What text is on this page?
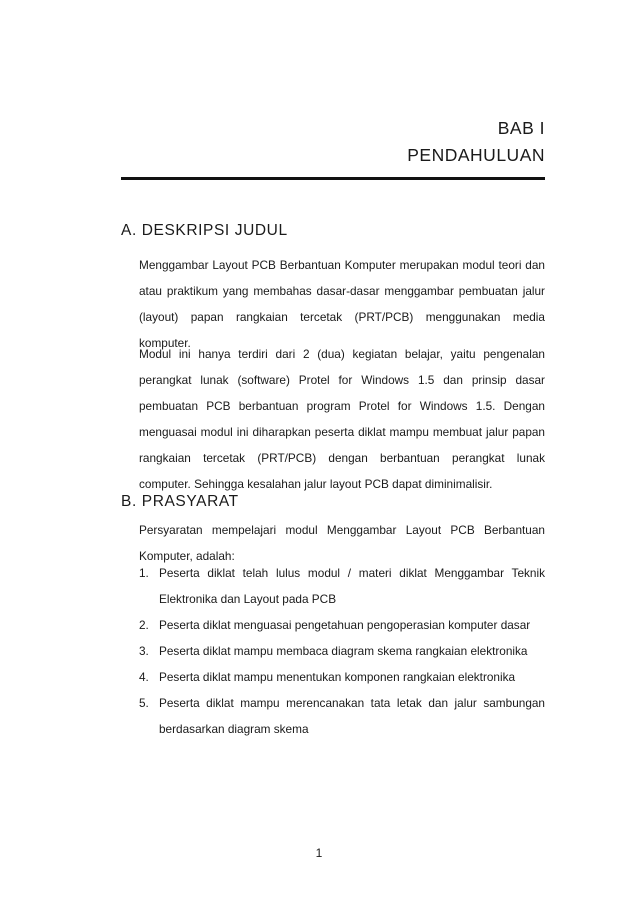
BAB I
PENDAHULUAN
A. DESKRIPSI JUDUL

Menggambar Layout PCB Berbantuan Komputer merupakan modul teori dan atau praktikum yang membahas dasar-dasar menggambar pembuatan jalur (layout) papan rangkaian tercetak (PRT/PCB) menggunakan media komputer.

Modul ini hanya terdiri dari 2 (dua) kegiatan belajar, yaitu pengenalan perangkat lunak (software) Protel for Windows 1.5 dan prinsip dasar pembuatan PCB berbantuan program Protel for Windows 1.5. Dengan menguasai modul ini diharapkan peserta diklat mampu membuat jalur papan rangkaian tercetak (PRT/PCB) dengan berbantuan perangkat lunak computer. Sehingga kesalahan jalur layout PCB dapat diminimalisir.

B. PRASYARAT

Persyaratan mempelajari modul Menggambar Layout PCB Berbantuan Komputer, adalah:

1. Peserta diklat telah lulus modul / materi diklat Menggambar Teknik Elektronika dan Layout pada PCB
2. Peserta diklat menguasai pengetahuan pengoperasian komputer dasar
3. Peserta diklat mampu membaca diagram skema rangkaian elektronika
4. Peserta diklat mampu menentukan komponen rangkaian elektronika
5. Peserta diklat mampu merencanakan tata letak dan jalur sambungan berdasarkan diagram skema
1
